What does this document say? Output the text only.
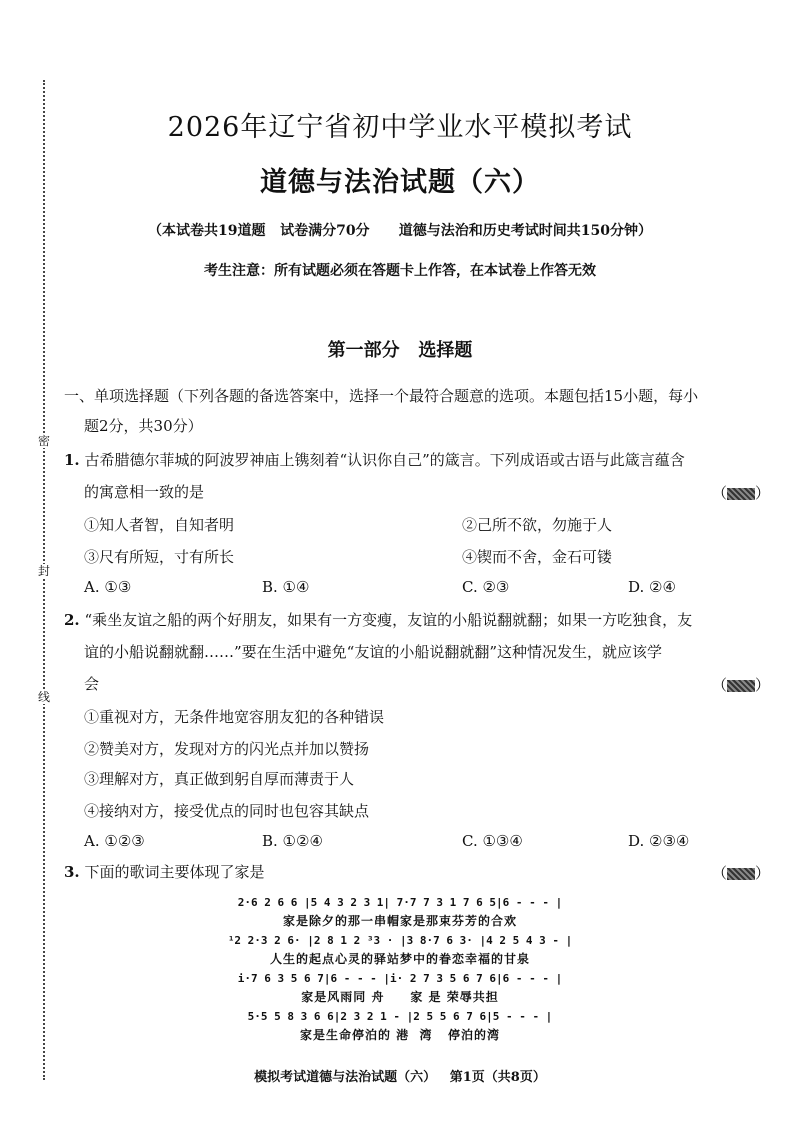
密
封
线
2026年辽宁省初中学业水平模拟考试
道德与法治试题（六）
（本试卷共19道题   试卷满分70分      道德与法治和历史考试时间共150分钟）
考生注意：所有试题必须在答题卡上作答，在本试卷上作答无效
第一部分   选择题
一、单项选择题（下列各题的备选答案中，选择一个最符合题意的选项。本题包括15小题，每小
题2分，共30分）
1. 古希腊德尔菲城的阿波罗神庙上镌刻着“认识你自己”的箴言。下列成语或古语与此箴言蕴含
的寓意相一致的是	（ ）
①知人者智，自知者明	②己所不欲，勿施于人
③尺有所短，寸有所长	④锲而不舍，金石可镂
A. ①③	B. ①④	C. ②③	D. ②④
2. “乘坐友谊之船的两个好朋友，如果有一方变瘦，友谊的小船说翻就翻；如果一方吃独食，友
谊的小船说翻就翻……”要在生活中避免“友谊的小船说翻就翻”这种情况发生，就应该学
会	（ ）
①重视对方，无条件地宽容朋友犯的各种错误
②赞美对方，发现对方的闪光点并加以赞扬
③理解对方，真正做到躬自厚而薄责于人
④接纳对方，接受优点的同时也包容其缺点
A. ①②③	B. ①②④	C. ①③④	D. ②③④
3. 下面的歌词主要体现了家是	（ ）
2·6 2 6 6 |5 4 3 2 3 1| 7·7 7 3 1 7 6 5|6 - - - |
家是除夕的那一串帽家是那束芬芳的合欢
¹2 2·3 2 6· |2 8 1 2 ³3 · |3 8·7 6 3· |4 2 5 4 3 - |
人生的起点心灵的驿站梦中的眷恋幸福的甘泉
i·7 6 3 5 6 7|6 - - - |i· 2 7 3 5 6 7 6|6 - - - |
家是风雨同 舟     家 是 荣辱共担
5·5 5 8 3 6 6|2 3 2 1 - |2 5 5 6 7 6|5 - - - |
家是生命停泊的 港  湾   停泊的湾
模拟考试道德与法治试题（六）   第1页（共8页）
